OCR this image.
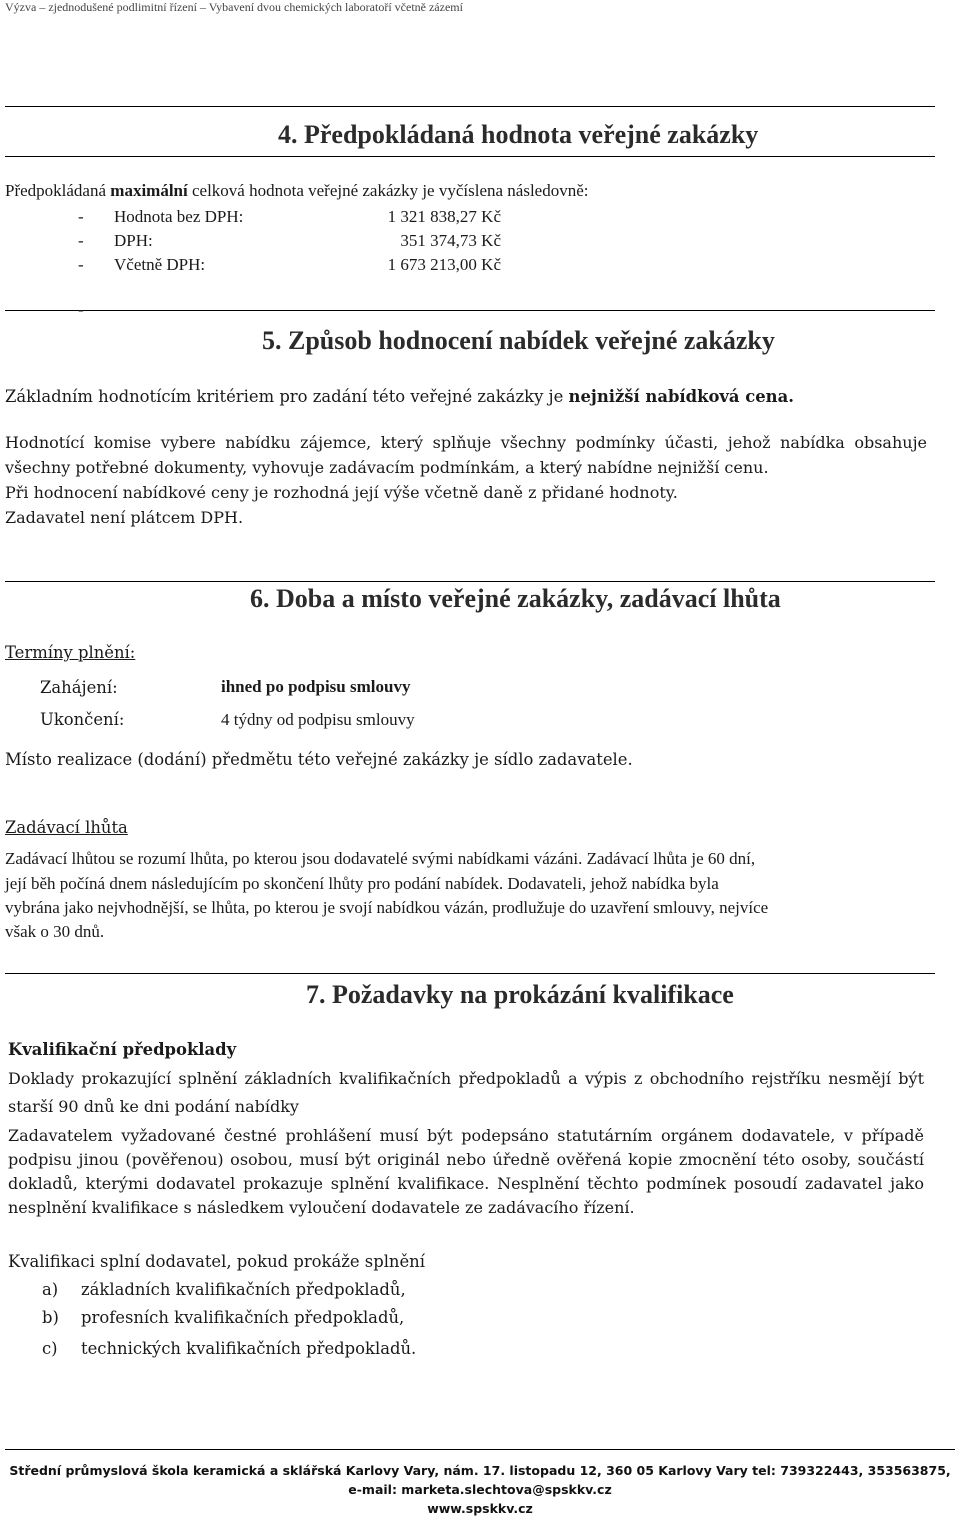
Výzva – zjednodušené podlimitní řízení – Vybavení dvou chemických laboratoří včetně zázemí
4. Předpokládaná hodnota veřejné zakázky
Předpokládaná maximální celková hodnota veřejné zakázky je vyčíslena následovně:
- Hodnota bez DPH:	1 321 838,27 Kč
- DPH:	351 374,73 Kč
- Včetně DPH:	1 673 213,00 Kč
-
5. Způsob hodnocení nabídek veřejné zakázky
Základním hodnotícím kritériem pro zadání této veřejné zakázky je nejnižší nabídková cena.
Hodnotící komise vybere nabídku zájemce, který splňuje všechny podmínky účasti, jehož nabídka obsahuje
všechny potřebné dokumenty, vyhovuje zadávacím podmínkám, a který nabídne nejnižší cenu.
Při hodnocení nabídkové ceny je rozhodná její výše včetně daně z přidané hodnoty.
Zadavatel není plátcem DPH.
6. Doba a místo veřejné zakázky, zadávací lhůta
Termíny plnění:
Zahájení:	ihned po podpisu smlouvy
Ukončení:	4 týdny od podpisu smlouvy
Místo realizace (dodání) předmětu této veřejné zakázky je sídlo zadavatele.
Zadávací lhůta
Zadávací lhůtou se rozumí lhůta, po kterou jsou dodavatelé svými nabídkami vázáni. Zadávací lhůta je 60 dní,
její běh počíná dnem následujícím po skončení lhůty pro podání nabídek. Dodavateli, jehož nabídka byla
vybrána jako nejvhodnější, se lhůta, po kterou je svojí nabídkou vázán, prodlužuje do uzavření smlouvy, nejvíce
však o 30 dnů.
7. Požadavky na prokázání kvalifikace
Kvalifikační předpoklady
Doklady prokazující splnění základních kvalifikačních předpokladů a výpis z obchodního rejstříku nesmějí být
starší 90 dnů ke dni podání nabídky
Zadavatelem vyžadované čestné prohlášení musí být podepsáno statutárním orgánem dodavatele, v případě
podpisu jinou (pověřenou) osobou, musí být originál nebo úředně ověřená kopie zmocnění této osoby, součástí
dokladů, kterými dodavatel prokazuje splnění kvalifikace. Nesplnění těchto podmínek posoudí zadavatel jako
nesplnění kvalifikace s následkem vyloučení dodavatele ze zadávacího řízení.
Kvalifikaci splní dodavatel, pokud prokáže splnění
a) základních kvalifikačních předpokladů,
b) profesních kvalifikačních předpokladů,
c) technických kvalifikačních předpokladů.
Střední průmyslová škola keramická a sklářská Karlovy Vary, nám. 17. listopadu 12, 360 05 Karlovy Vary tel: 739322443, 353563875,
e-mail: marketa.slechtova@spskkv.cz
www.spskkv.cz
